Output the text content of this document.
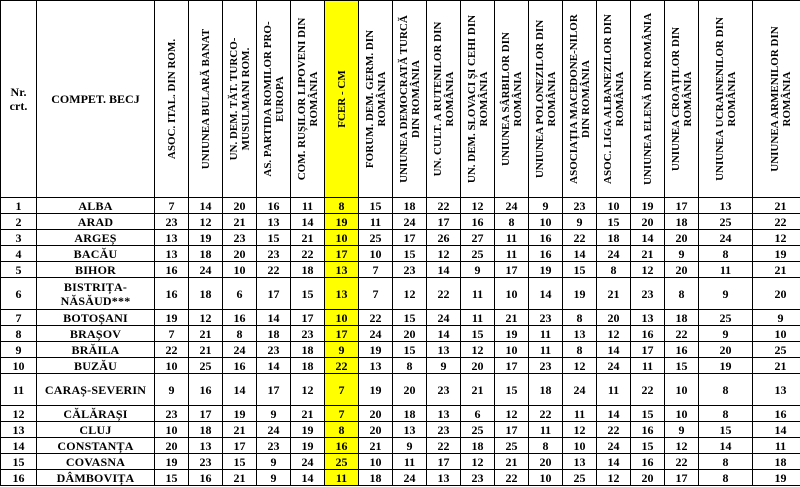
Nr. crt.	COMPET. BECJ	ASOC. ITAL. DIN ROM.	UNIUNEA BULARĂ BANAT	UN. DEM. TĂT. TURCO-MUSULMANI ROM.	AS. PARTIDA ROMILOR PRO-EUROPA	COM. RUȘILOR LIPOVENI DIN ROMÂNIA	FCER - CM	FORUM. DEM. GERM. DIN ROMÂNIA	UNIUNEA DEMOCRATĂ TURCĂ DIN ROMÂNIA	UN. CULT. A RUTENILOR DIN ROMÂNIA	UN. DEM. SLOVACI ȘI CEHI DIN ROMÂNIA	UNIUNEA SÂRBILOR DIN ROMÂNIA	UNIUNEA POLONEZILOR DIN ROMÂNIA	ASOCIAȚIA MACEDONE-NILOR DIN ROMÂNIA	ASOC. LIGA ALBANEZILOR DIN ROMÂNIA	UNIUNEA ELENĂ DIN ROMÂNIA	UNIUNEA CROAȚILOR DIN ROMÂNIA	UNIUNEA UCRAINENILOR DIN ROMÂNIA	UNIUNEA ARMENILOR DIN ROMÂNIA

1	ALBA	7	14	20	16	11	8	15	18	22	12	24	9	23	10	19	17	13	21
2	ARAD	23	12	21	13	14	19	11	24	17	16	8	10	9	15	20	18	25	22
3	ARGEȘ	13	19	23	15	21	10	25	17	26	27	11	16	22	18	14	20	24	12
4	BACĂU	13	18	20	23	22	17	10	15	12	25	11	16	14	24	21	9	8	19
5	BIHOR	16	24	10	22	18	13	7	23	14	9	17	19	15	8	12	20	11	21
6	BISTRIȚA-NĂSĂUD***	16	18	6	17	15	13	7	12	22	11	10	14	19	21	23	8	9	20
7	BOTOȘANI	19	12	16	14	17	10	22	15	24	11	21	23	8	20	13	18	25	9
8	BRAȘOV	7	21	8	18	23	17	24	20	14	15	19	11	13	12	16	22	9	10
9	BRĂILA	22	21	24	23	18	9	19	15	13	12	10	11	8	14	17	16	20	25
10	BUZĂU	10	25	16	14	18	22	13	8	9	20	17	23	12	24	11	15	19	21
11	CARAȘ-SEVERIN	9	16	14	17	12	7	19	20	23	21	15	18	24	11	22	10	8	13
12	CĂLĂRAȘI	23	17	19	9	21	7	20	18	13	6	12	22	11	14	15	10	8	16
13	CLUJ	10	18	21	24	19	8	20	13	23	25	17	11	12	22	16	9	15	14
14	CONSTANȚA	20	13	17	23	19	16	21	9	22	18	25	8	10	24	15	12	14	11
15	COVASNA	19	23	15	9	24	25	10	11	17	12	21	20	13	14	16	22	8	18
16	DÂMBOVIȚA	15	16	21	9	14	11	18	24	13	23	22	10	25	12	20	17	8	19
